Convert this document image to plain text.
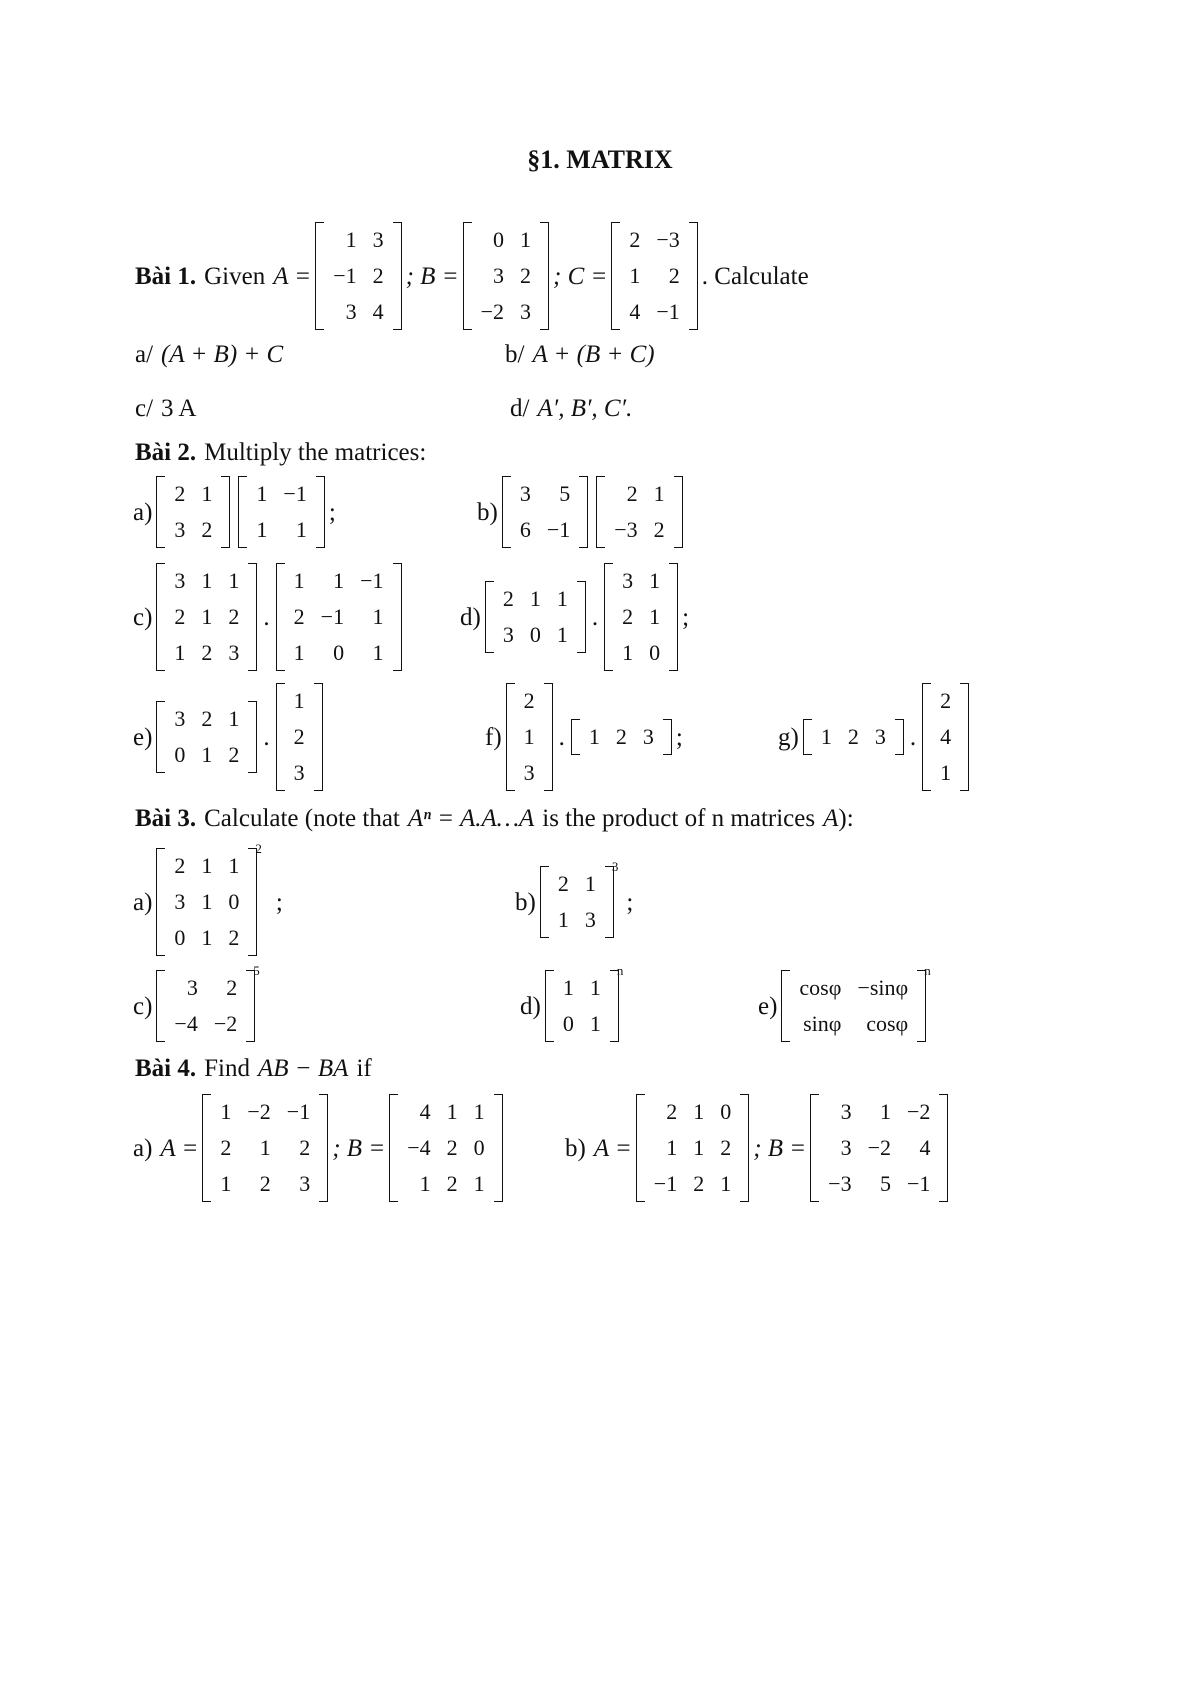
§1. MATRIX
Bài 1. Given A =
1 3
−1 2
3 4
; B =
0 1
3 2
−2 3
; C =
2 −3
1	2
4 −1
. Calculate
a/ (A + B) + C	b/ A + (B + C)
c/ 3 A	d/ A′, B′, C′.
Bài 2. Multiply the matrices:
a)
2 1
3 2
1 −1
1	1
;	b)
3	5
6 −1
2 1
−3 2
c)
3 1 1
2 1 2
1 2 3
.
1	1 −1
2 −1	1
1	0	1
d)
2 1 1
3 0 1
.
3 1
2 1
1 0
;
e)
3 2 1
0 1 2
.
1
2
3
f)
2
1
3
.	1 2 3 ;	g)	1 2 3 .
2
4
1
Bài 3. Calculate (note that Aⁿ = A.A…A is the product of n matrices A ):
a)
2 1 1
3 1 0
0 1 2
2
;	b)
2 1
1 3
3
;
c)
3	2
−4 −2
5
d)
1 1
0 1
n
e)
cosφ −sinφ
sinφ	cosφ
n
Bài 4. Find AB − BA if
a) A =
1 −2 −1
2	1	2
1	2	3
; B =
4 1 1
−4 2 0
1 2 1
b) A =
2 1 0
1 1 2
−1 2 1
; B =
3	1 −2
3 −2	4
−3	5 −1
